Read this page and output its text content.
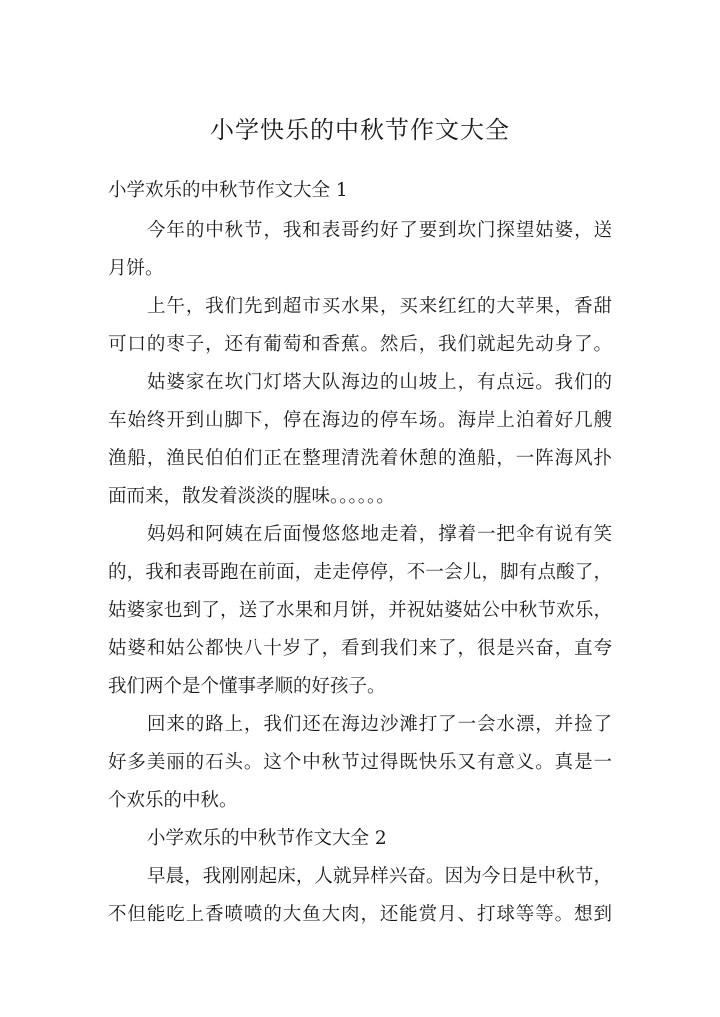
小学快乐的中秋节作文大全
小学欢乐的中秋节作文大全 1
今年的中秋节，我和表哥约好了要到坎门探望姑婆，送
月饼。
上午，我们先到超市买水果，买来红红的大苹果，香甜
可口的枣子，还有葡萄和香蕉。然后，我们就起先动身了。
姑婆家在坎门灯塔大队海边的山坡上，有点远。我们的
车始终开到山脚下，停在海边的停车场。海岸上泊着好几艘
渔船，渔民伯伯们正在整理清洗着休憩的渔船，一阵海风扑
面而来，散发着淡淡的腥味。。。。。。
妈妈和阿姨在后面慢悠悠地走着，撑着一把伞有说有笑
的，我和表哥跑在前面，走走停停，不一会儿，脚有点酸了，
姑婆家也到了，送了水果和月饼，并祝姑婆姑公中秋节欢乐，
姑婆和姑公都快八十岁了，看到我们来了，很是兴奋，直夸
我们两个是个懂事孝顺的好孩子。
回来的路上，我们还在海边沙滩打了一会水漂，并捡了
好多美丽的石头。这个中秋节过得既快乐又有意义。真是一
个欢乐的中秋。
小学欢乐的中秋节作文大全 2
早晨，我刚刚起床，人就异样兴奋。因为今日是中秋节，
不但能吃上香喷喷的大鱼大肉，还能赏月、打球等等。想到
